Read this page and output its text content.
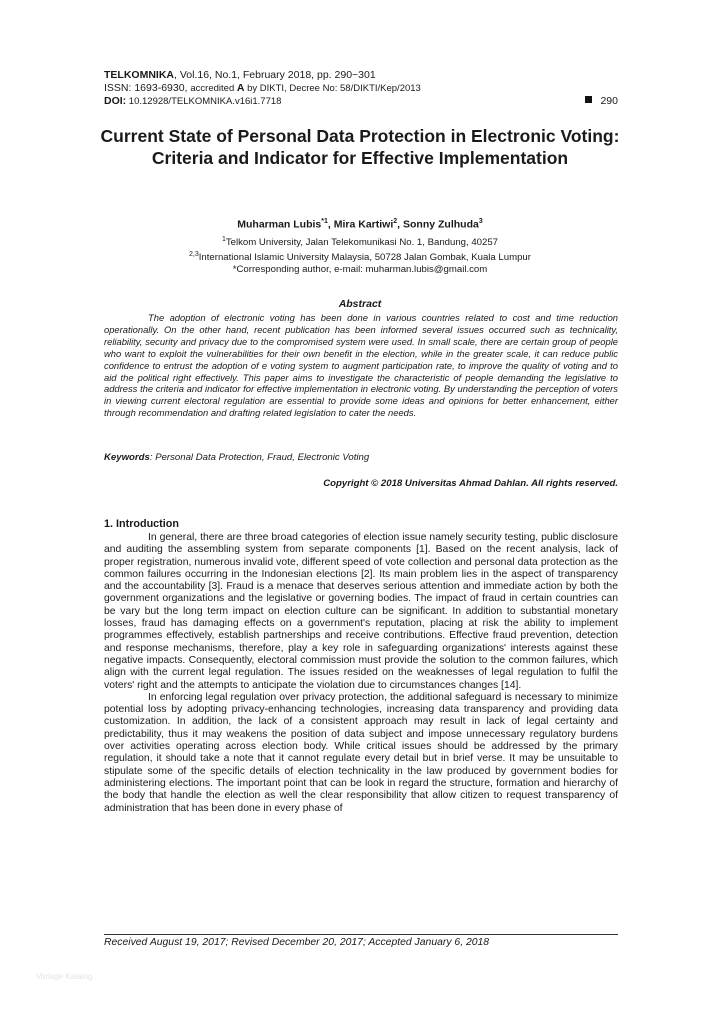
TELKOMNIKA, Vol.16, No.1, February 2018, pp. 290~301
ISSN: 1693-6930, accredited A by DIKTI, Decree No: 58/DIKTI/Kep/2013
DOI: 10.12928/TELKOMNIKA.v16i1.7718	290
Current State of Personal Data Protection in Electronic Voting: Criteria and Indicator for Effective Implementation
Muharman Lubis$^{*1}$, Mira Kartiwi$^2$, Sonny Zulhuda$^3$
$^1$Telkom University, Jalan Telekomunikasi No. 1, Bandung, 40257
$^{2,3}$International Islamic University Malaysia, 50728 Jalan Gombak, Kuala Lumpur
*Corresponding author, e-mail: muharman.lubis@gmail.com
Abstract
The adoption of electronic voting has been done in various countries related to cost and time reduction operationally. On the other hand, recent publication has been informed several issues occurred such as technicality, reliability, security and privacy due to the compromised system were used. In small scale, there are certain group of people who want to exploit the vulnerabilities for their own benefit in the election, while in the greater scale, it can reduce public confidence to entrust the adoption of e voting system to augment participation rate, to improve the quality of voting and to aid the political right effectively. This paper aims to investigate the characteristic of people demanding the legislative to address the criteria and indicator for effective implementation in electronic voting. By understanding the perception of voters in viewing current electoral regulation are essential to provide some ideas and opinions for better enhancement, either through recommendation and drafting related legislation to cater the needs.
Keywords: Personal Data Protection, Fraud, Electronic Voting
Copyright © 2018 Universitas Ahmad Dahlan. All rights reserved.
1. Introduction

In general, there are three broad categories of election issue namely security testing, public disclosure and auditing the assembling system from separate components [1]. Based on the recent analysis, lack of proper registration, numerous invalid vote, different speed of vote collection and personal data protection as the common failures occurring in the Indonesian elections [2]. Its main problem lies in the aspect of transparency and the accountability [3]. Fraud is a menace that deserves serious attention and immediate action by both the government organizations and the legislative or governing bodies. The impact of fraud in certain countries can be vary but the long term impact on election culture can be significant. In addition to substantial monetary losses, fraud has damaging effects on a government's reputation, placing at risk the ability to implement programmes effectively, establish partnerships and receive contributions. Effective fraud prevention, detection and response mechanisms, therefore, play a key role in safeguarding organizations' interests against these negative impacts. Consequently, electoral commission must provide the solution to the common failures, which align with the current legal regulation. The issues resided on the weaknesses of legal regulation to fulfil the voters' right and the attempts to anticipate the violation due to circumstances changes [14].

In enforcing legal regulation over privacy protection, the additional safeguard is necessary to minimize potential loss by adopting privacy-enhancing technologies, increasing data transparency and providing data customization. In addition, the lack of a consistent approach may result in lack of legal certainty and predictability, thus it may weakens the position of data subject and impose unnecessary regulatory burdens over activities operating across election body. While critical issues should be addressed by the primary regulation, it should take a note that it cannot regulate every detail but in brief verse. It may be unsuitable to stipulate some of the specific details of election technicality in the law produced by government bodies for administering elections. The important point that can be look in regard the structure, formation and hierarchy of the body that handle the election as well the clear responsibility that allow citizen to request transparency of administration that has been done in every phase of

Received August 19, 2017; Revised December 20, 2017; Accepted January 6, 2018
Vorlage Katalog
